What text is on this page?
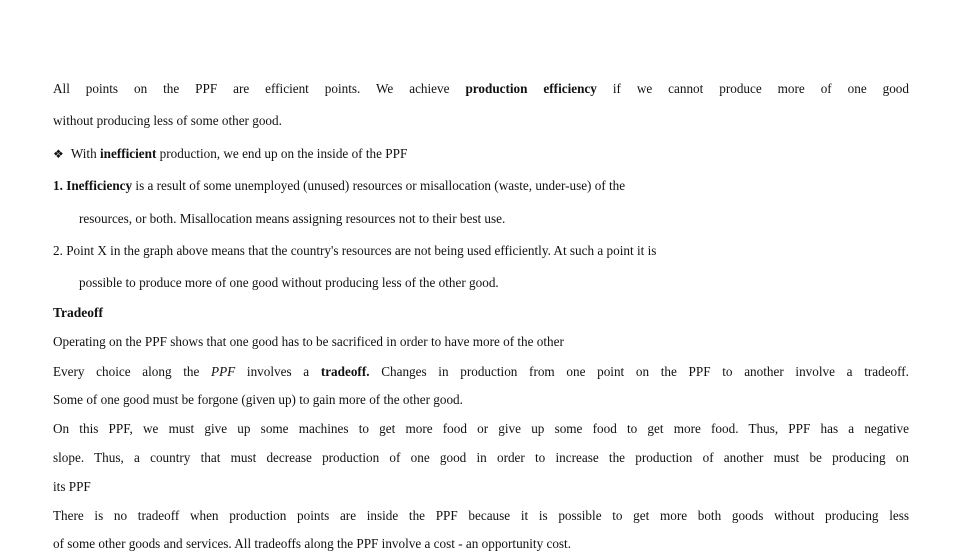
All points on the PPF are efficient points. We achieve production efficiency if we cannot produce more of one good
without producing less of some other good.
❖ With inefficient production, we end up on the inside of the PPF
1. Inefficiency is a result of some unemployed (unused) resources or misallocation (waste, under-use) of the
resources, or both. Misallocation means assigning resources not to their best use.
2. Point X in the graph above means that the country's resources are not being used efficiently. At such a point it is
possible to produce more of one good without producing less of the other good.
Tradeoff
Operating on the PPF shows that one good has to be sacrificed in order to have more of the other
Every choice along the PPF involves a tradeoff. Changes in production from one point on the PPF to another involve a tradeoff.
Some of one good must be forgone (given up) to gain more of the other good.
On this PPF, we must give up some machines to get more food or give up some food to get more food. Thus, PPF has a negative
slope. Thus, a country that must decrease production of one good in order to increase the production of another must be producing on
its PPF
There is no tradeoff when production points are inside the PPF because it is possible to get more both goods without producing less
of some other goods and services. All tradeoffs along the PPF involve a cost - an opportunity cost.
